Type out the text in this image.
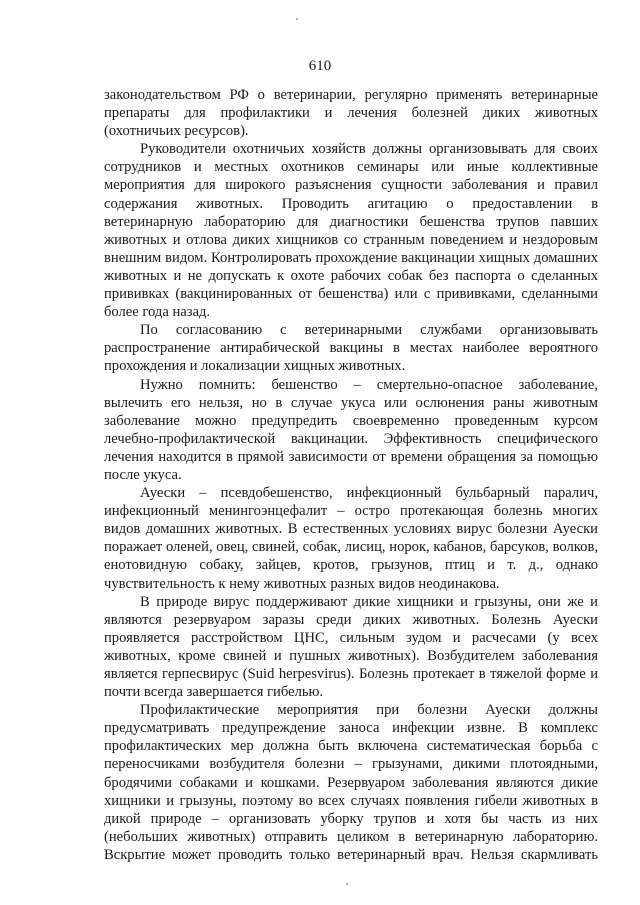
610

законодательством РФ о ветеринарии, регулярно применять ветеринарные препараты для профилактики и лечения болезней диких животных (охотничьих ресурсов).

Руководители охотничьих хозяйств должны организовывать для своих сотрудников и местных охотников семинары или иные коллективные мероприятия для широкого разъяснения сущности заболевания и правил содержания животных. Проводить агитацию о предоставлении в ветеринарную лабораторию для диагностики бешенства трупов павших животных и отлова диких хищников со странным поведением и нездоровым внешним видом. Контролировать прохождение вакцинации хищных домашних животных и не допускать к охоте рабочих собак без паспорта о сделанных прививках (вакцинированных от бешенства) или с прививками, сделанными более года назад.

По согласованию с ветеринарными службами организовывать распространение антирабической вакцины в местах наиболее вероятного прохождения и локализации хищных животных.

Нужно помнить: бешенство – смертельно-опасное заболевание, вылечить его нельзя, но в случае укуса или ослюнения раны животным заболевание можно предупредить своевременно проведенным курсом лечебно-профилактической вакцинации. Эффективность специфического лечения находится в прямой зависимости от времени обращения за помощью после укуса.

Ауески – псевдобешенство, инфекционный бульбарный паралич, инфекционный менингоэнцефалит – остро протекающая болезнь многих видов домашних животных. В естественных условиях вирус болезни Ауески поражает оленей, овец, свиней, собак, лисиц, норок, кабанов, барсуков, волков, енотовидную собаку, зайцев, кротов, грызунов, птиц и т. д., однако чувствительность к нему животных разных видов неодинакова.

В природе вирус поддерживают дикие хищники и грызуны, они же и являются резервуаром заразы среди диких животных. Болезнь Ауески проявляется расстройством ЦНС, сильным зудом и расчесами (у всех животных, кроме свиней и пушных животных). Возбудителем заболевания является герпесвирус (Suid herpesvirus). Болезнь протекает в тяжелой форме и почти всегда завершается гибелью.

Профилактические мероприятия при болезни Ауески должны предусматривать предупреждение заноса инфекции извне. В комплекс профилактических мер должна быть включена систематическая борьба с переносчиками возбудителя болезни – грызунами, дикими плотоядными, бродячими собаками и кошками. Резервуаром заболевания являются дикие хищники и грызуны, поэтому во всех случаях появления гибели животных в дикой природе – организовать уборку трупов и хотя бы часть из них (небольших животных) отправить целиком в ветеринарную лабораторию. Вскрытие может проводить только ветеринарный врач. Нельзя скармливать
